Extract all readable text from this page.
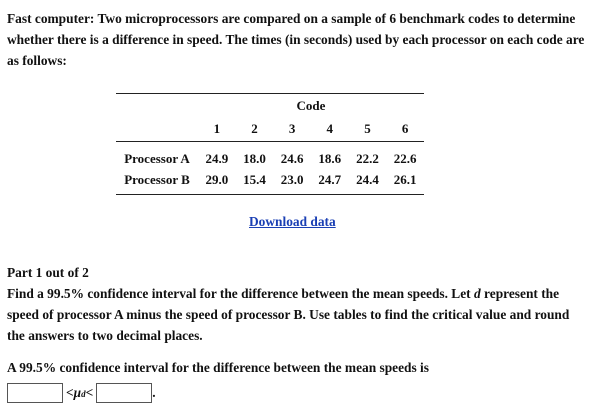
Fast computer: Two microprocessors are compared on a sample of 6 benchmark codes to determine whether there is a difference in speed. The times (in seconds) used by each processor on each code are as follows:

	Code					
	1	2	3	4	5	6
Processor A	24.9	18.0	24.6	18.6	22.2	22.6
Processor B	29.0	15.4	23.0	24.7	24.4	26.1
Download data

Part 1 out of 2

Find a 99.5% confidence interval for the difference between the mean speeds. Let d represent the speed of processor A minus the speed of processor B. Use tables to find the critical value and round the answers to two decimal places.

A 99.5% confidence interval for the difference between the mean speeds is

< μ d <	.
